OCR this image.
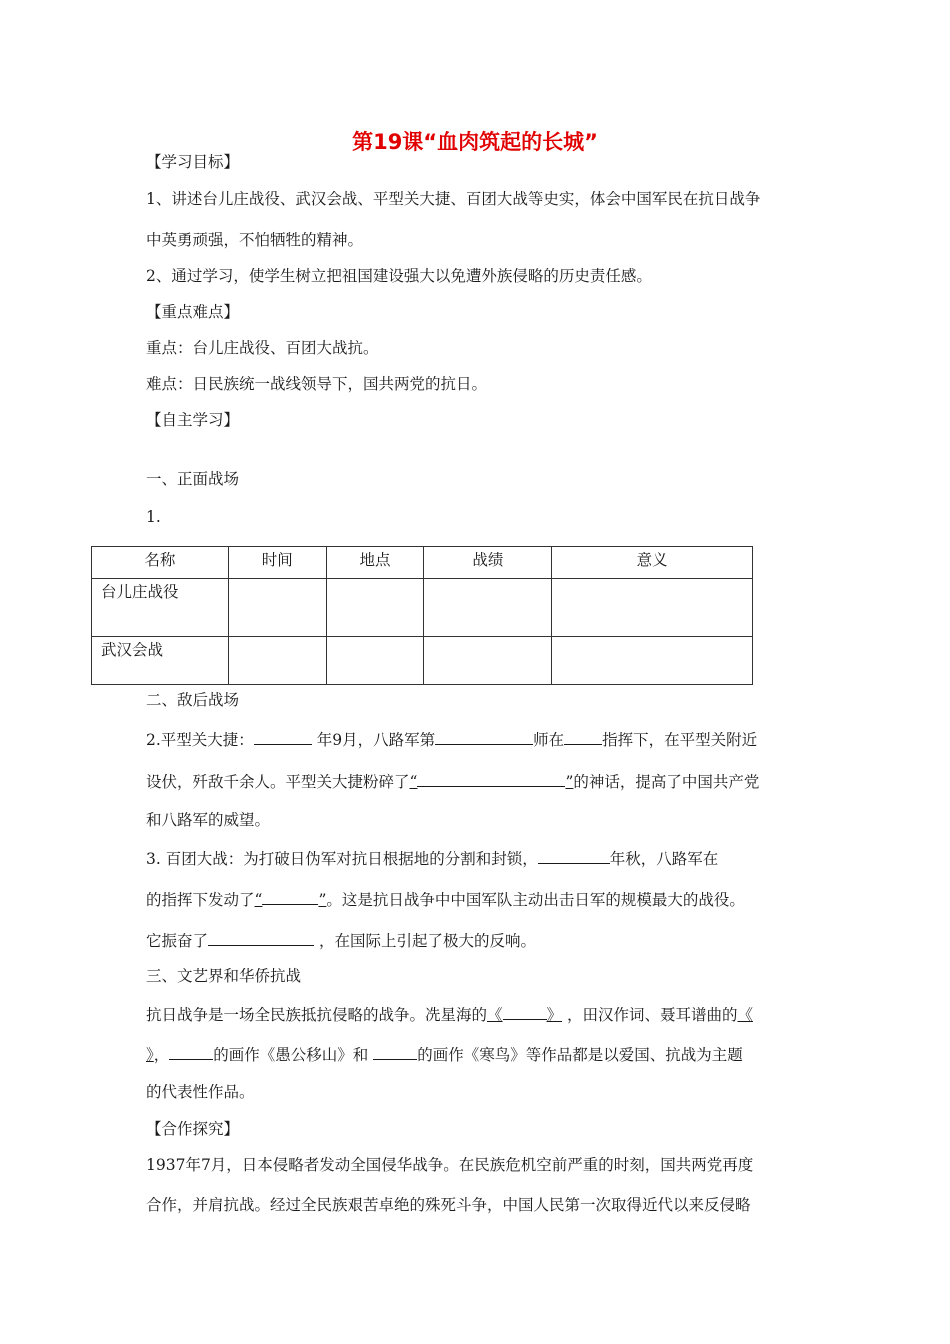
第19课“血肉筑起的长城”
【学习目标】
1、讲述台儿庄战役、武汉会战、平型关大捷、百团大战等史实，体会中国军民在抗日战争
中英勇顽强，不怕牺牲的精神。
2、通过学习，使学生树立把祖国建设强大以免遭外族侵略的历史责任感。
【重点难点】
重点：台儿庄战役、百团大战抗。
难点：日民族统一战线领导下，国共两党的抗日。
【自主学习】
一、正面战场
1.
名称	时间	地点	战绩	意义
台儿庄战役				
武汉会战				
二、敌后战场
2.平型关大捷：	年9月，八路军第	师在 指挥下，在平型关附近
设伏，歼敌千余人。平型关大捷粉碎了“	”的神话，提高了中国共产党
和八路军的威望。
3. 百团大战：为打破日伪军对抗日根据地的分割和封锁，	年秋，八路军在
的指挥下发动了“	”。这是抗日战争中中国军队主动出击日军的规模最大的战役。
它振奋了	，在国际上引起了极大的反响。
三、文艺界和华侨抗战
抗日战争是一场全民族抵抗侵略的战争。冼星海的《	》 ，田汉作词、聂耳谱曲的《
》，	的画作《愚公移山》和	的画作《寒鸟》等作品都是以爱国、抗战为主题
的代表性作品。
【合作探究】
1937年7月，日本侵略者发动全国侵华战争。在民族危机空前严重的时刻，国共两党再度
合作，并肩抗战。经过全民族艰苦卓绝的殊死斗争，中国人民第一次取得近代以来反侵略
